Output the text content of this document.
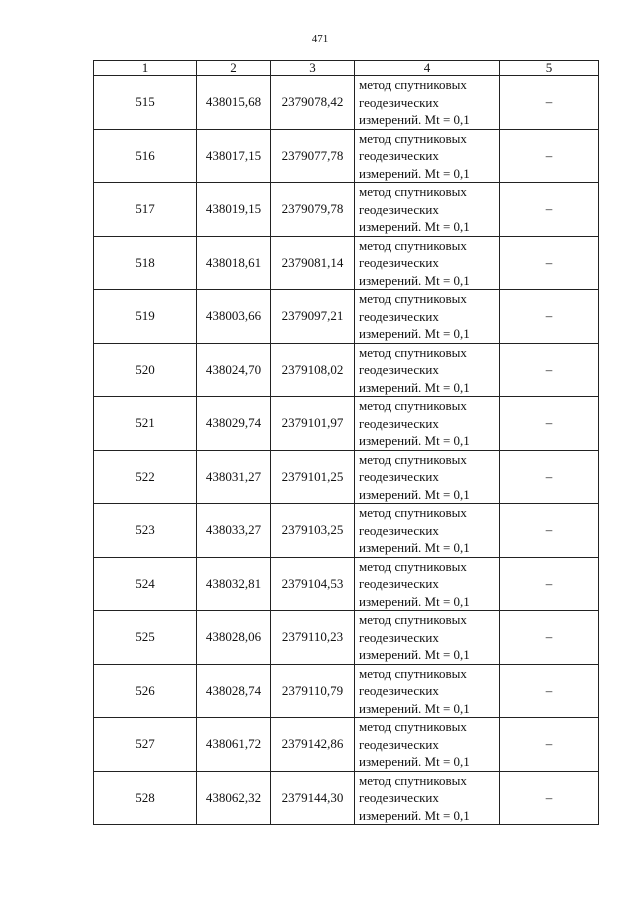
471
1	2	3	4	5
515	438015,68	2379078,42	метод спутниковых
геодезических
измерений. Mt = 0,1	–
516	438017,15	2379077,78	метод спутниковых
геодезических
измерений. Mt = 0,1	–
517	438019,15	2379079,78	метод спутниковых
геодезических
измерений. Mt = 0,1	–
518	438018,61	2379081,14	метод спутниковых
геодезических
измерений. Mt = 0,1	–
519	438003,66	2379097,21	метод спутниковых
геодезических
измерений. Mt = 0,1	–
520	438024,70	2379108,02	метод спутниковых
геодезических
измерений. Mt = 0,1	–
521	438029,74	2379101,97	метод спутниковых
геодезических
измерений. Mt = 0,1	–
522	438031,27	2379101,25	метод спутниковых
геодезических
измерений. Mt = 0,1	–
523	438033,27	2379103,25	метод спутниковых
геодезических
измерений. Mt = 0,1	–
524	438032,81	2379104,53	метод спутниковых
геодезических
измерений. Mt = 0,1	–
525	438028,06	2379110,23	метод спутниковых
геодезических
измерений. Mt = 0,1	–
526	438028,74	2379110,79	метод спутниковых
геодезических
измерений. Mt = 0,1	–
527	438061,72	2379142,86	метод спутниковых
геодезических
измерений. Mt = 0,1	–
528	438062,32	2379144,30	метод спутниковых
геодезических
измерений. Mt = 0,1	–
